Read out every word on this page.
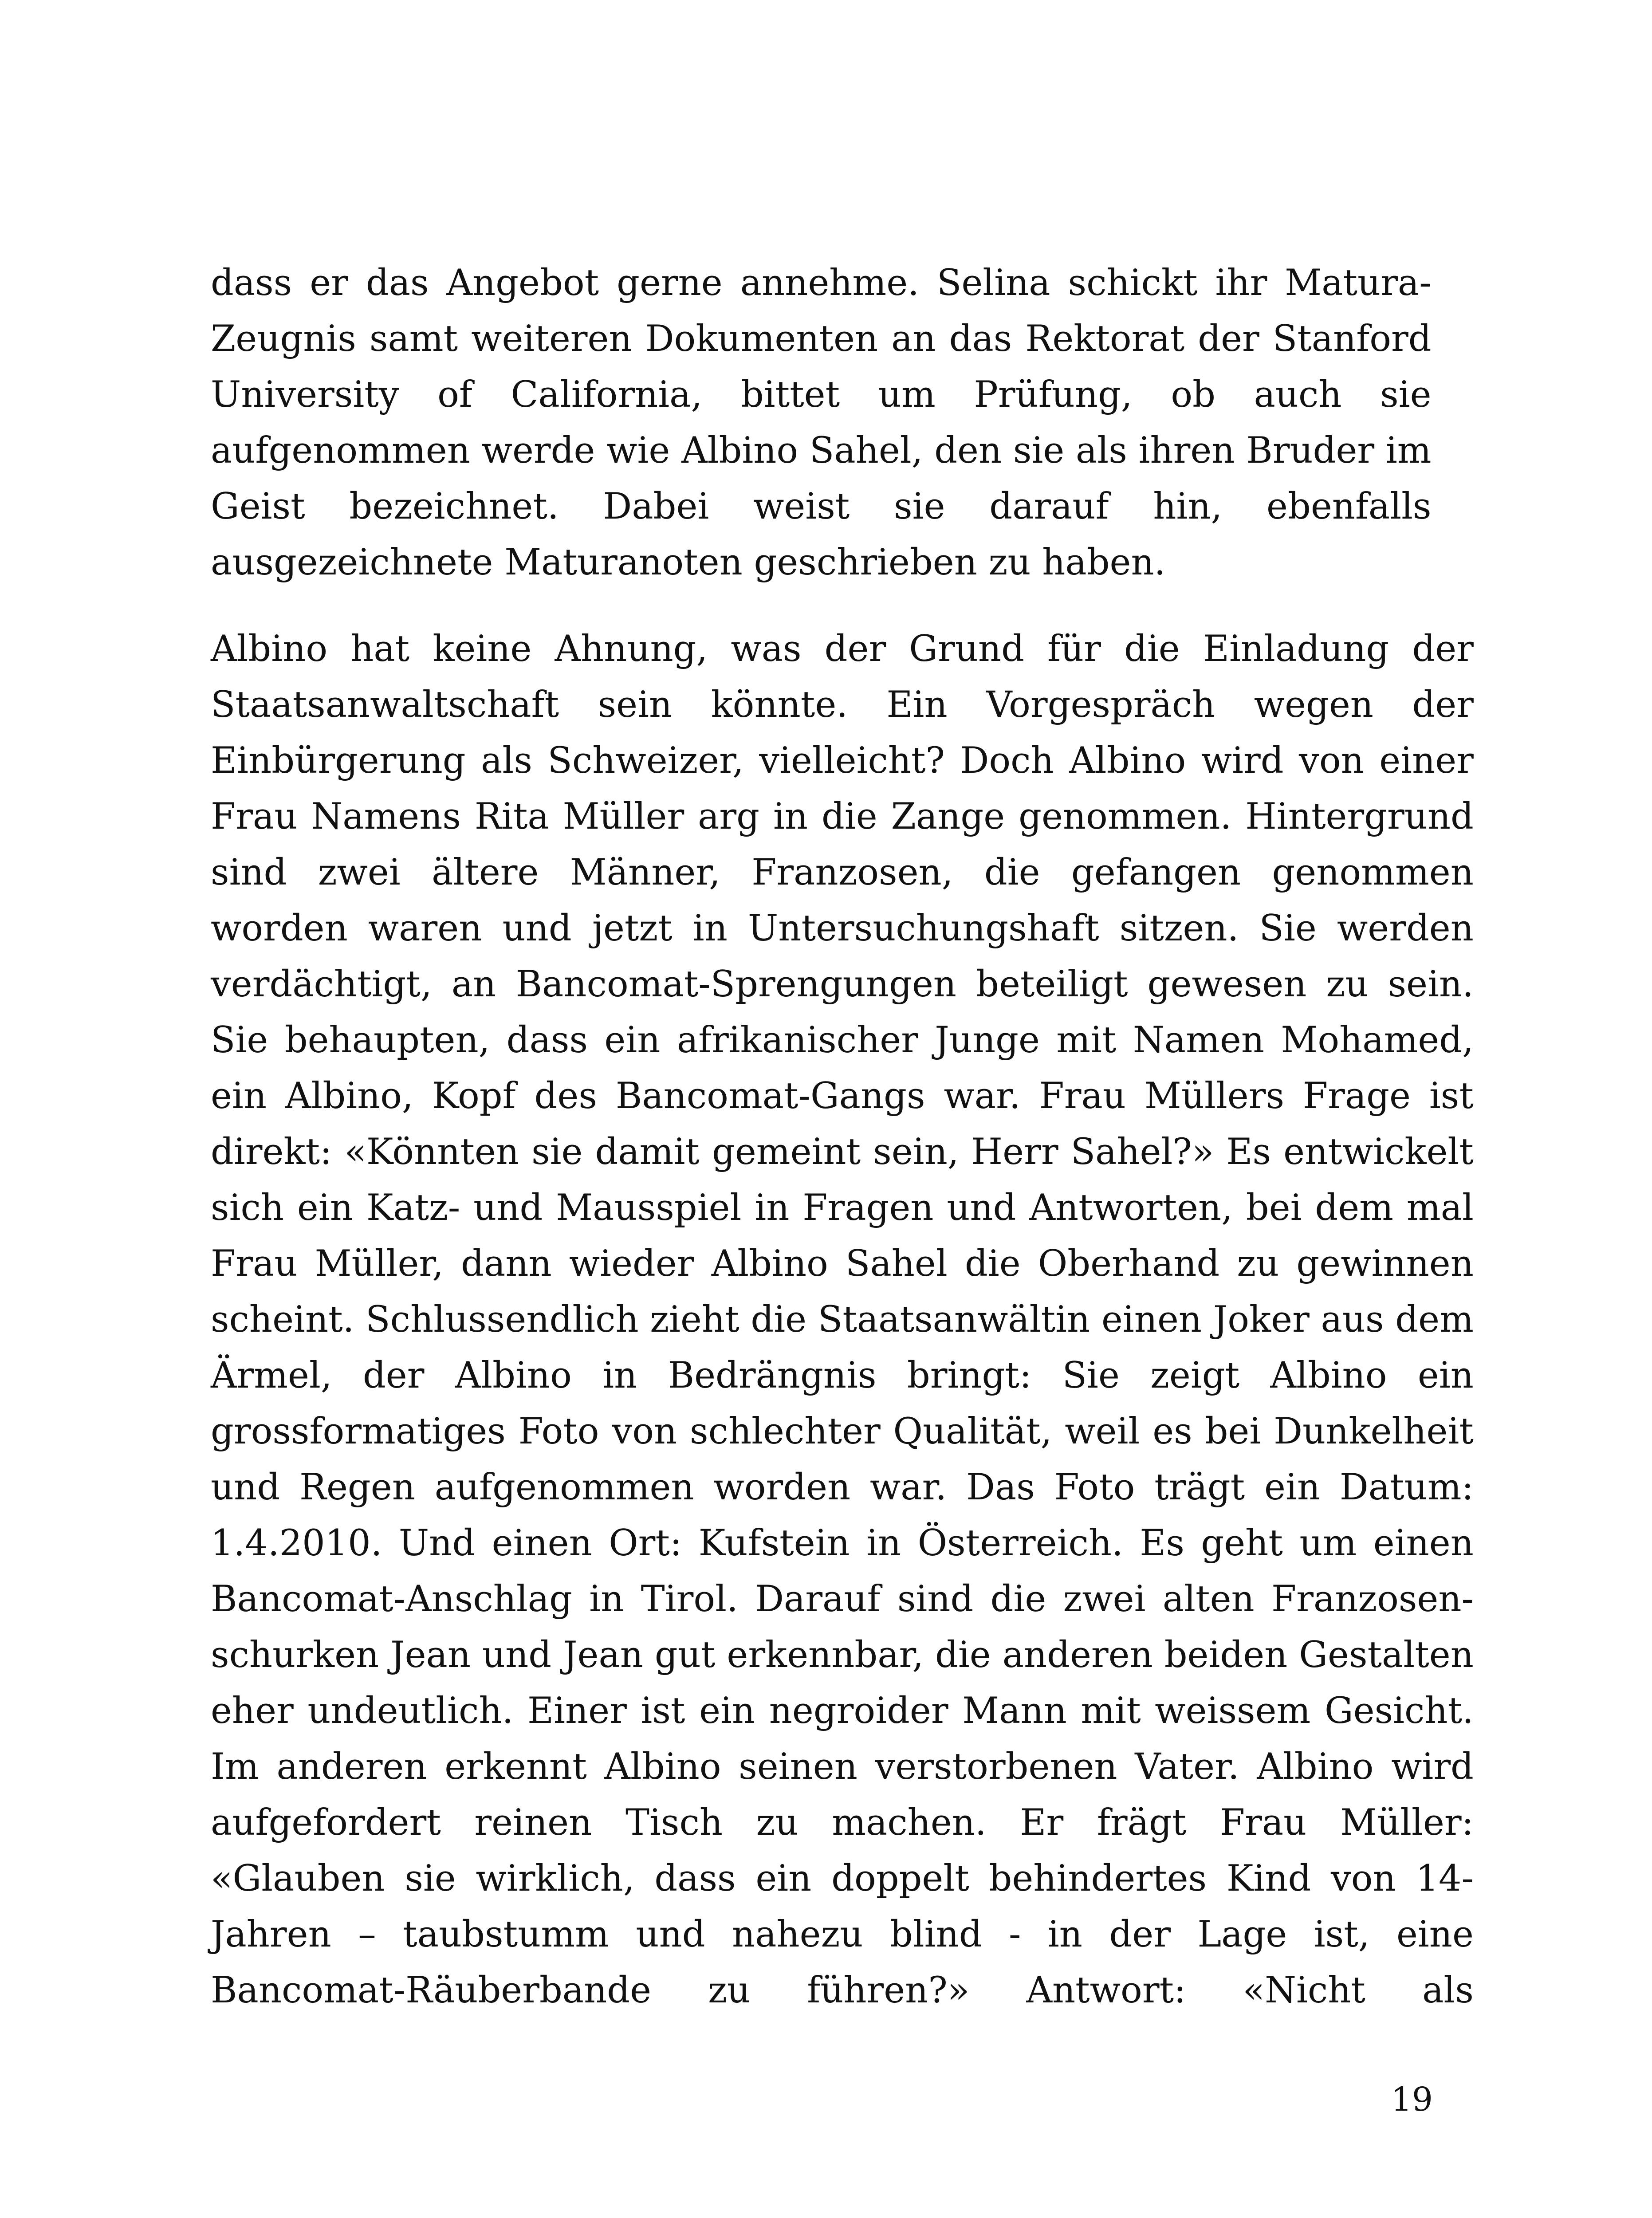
dass er das Angebot gerne annehme. Selina schickt ihr Matura-
Zeugnis samt weiteren Dokumenten an das Rektorat der Stanford
University of California, bittet um Prüfung, ob auch sie
aufgenommen werde wie Albino Sahel, den sie als ihren Bruder im
Geist bezeichnet. Dabei weist sie darauf hin, ebenfalls
ausgezeichnete Maturanoten geschrieben zu haben.

Albino hat keine Ahnung, was der Grund für die Einladung der
Staatsanwaltschaft sein könnte. Ein Vorgespräch wegen der
Einbürgerung als Schweizer, vielleicht? Doch Albino wird von einer
Frau Namens Rita Müller arg in die Zange genommen. Hintergrund
sind zwei ältere Männer, Franzosen, die gefangen genommen
worden waren und jetzt in Untersuchungshaft sitzen. Sie werden
verdächtigt, an Bancomat-Sprengungen beteiligt gewesen zu sein.
Sie behaupten, dass ein afrikanischer Junge mit Namen Mohamed,
ein Albino, Kopf des Bancomat-Gangs war. Frau Müllers Frage ist
direkt: «Könnten sie damit gemeint sein, Herr Sahel?» Es entwickelt
sich ein Katz- und Mausspiel in Fragen und Antworten, bei dem mal
Frau Müller, dann wieder Albino Sahel die Oberhand zu gewinnen
scheint. Schlussendlich zieht die Staatsanwältin einen Joker aus dem
Ärmel, der Albino in Bedrängnis bringt: Sie zeigt Albino ein
grossformatiges Foto von schlechter Qualität, weil es bei Dunkelheit
und Regen aufgenommen worden war. Das Foto trägt ein Datum:
1.4.2010. Und einen Ort: Kufstein in Österreich. Es geht um einen
Bancomat-Anschlag in Tirol. Darauf sind die zwei alten Franzosen-
schurken Jean und Jean gut erkennbar, die anderen beiden Gestalten
eher undeutlich. Einer ist ein negroider Mann mit weissem Gesicht.
Im anderen erkennt Albino seinen verstorbenen Vater. Albino wird
aufgefordert reinen Tisch zu machen. Er frägt Frau Müller:
«Glauben sie wirklich, dass ein doppelt behindertes Kind von 14-
Jahren – taubstumm und nahezu blind - in der Lage ist, eine
Bancomat-Räuberbande zu führen?» Antwort: «Nicht als

19
